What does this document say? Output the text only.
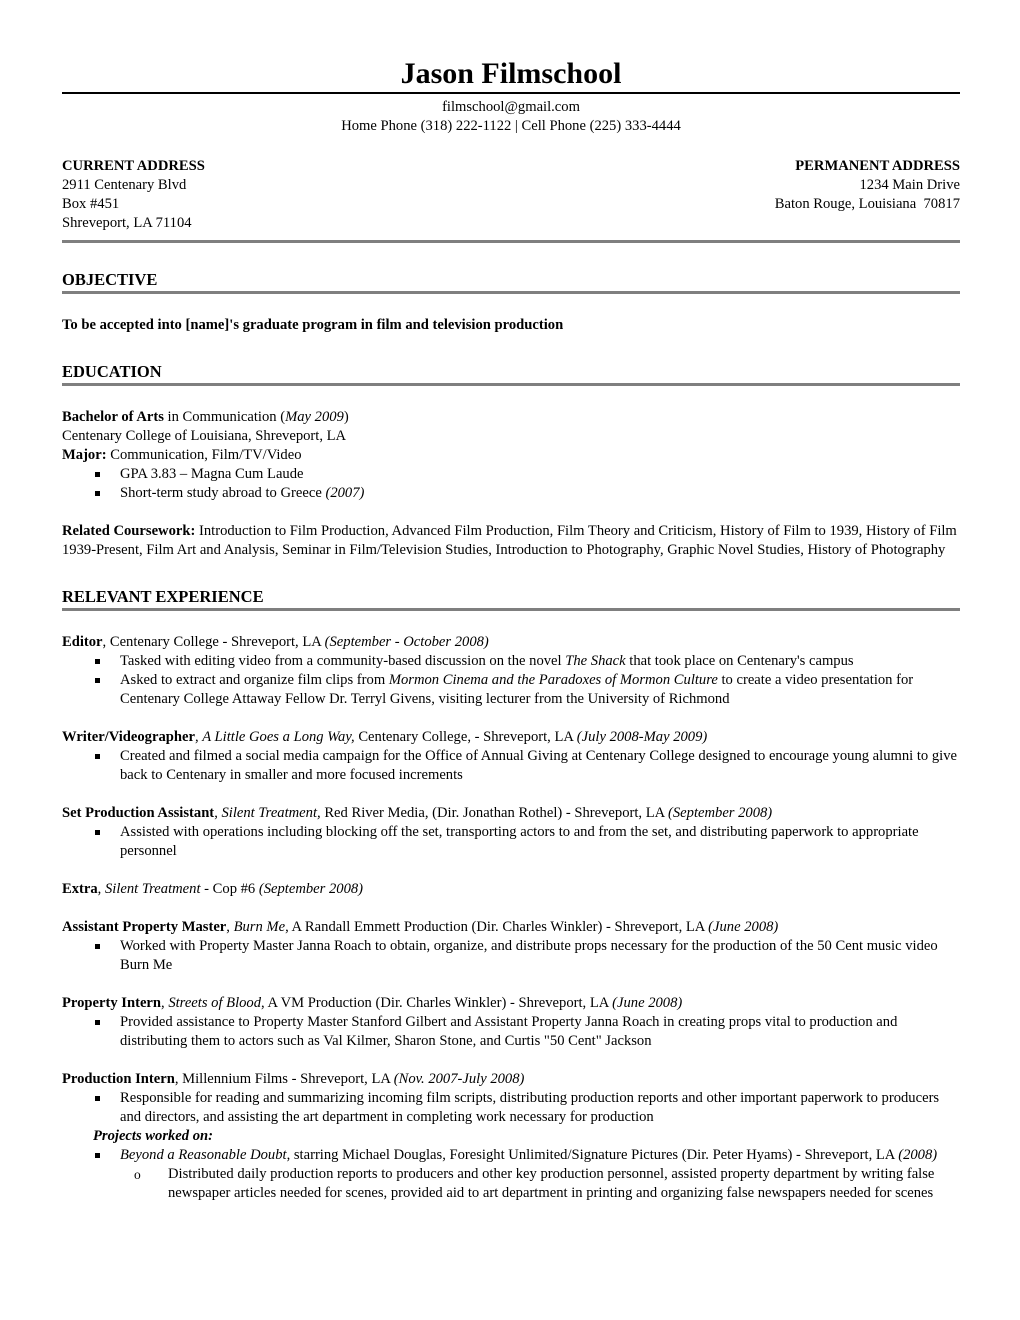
Jason Filmschool
filmschool@gmail.com
Home Phone (318) 222-1122 | Cell Phone (225) 333-4444
CURRENT ADDRESS
2911 Centenary Blvd
Box #451
Shreveport, LA 71104
PERMANENT ADDRESS
1234 Main Drive
Baton Rouge, Louisiana  70817
OBJECTIVE
To be accepted into [name]'s graduate program in film and television production
EDUCATION
Bachelor of Arts in Communication (May 2009)
Centenary College of Louisiana, Shreveport, LA
Major: Communication, Film/TV/Video
GPA 3.83 – Magna Cum Laude
Short-term study abroad to Greece (2007)
Related Coursework: Introduction to Film Production, Advanced Film Production, Film Theory and Criticism, History of Film to 1939, History of Film 1939-Present, Film Art and Analysis, Seminar in Film/Television Studies, Introduction to Photography, Graphic Novel Studies, History of Photography
RELEVANT EXPERIENCE
Editor, Centenary College - Shreveport, LA (September - October 2008)
Tasked with editing video from a community-based discussion on the novel The Shack that took place on Centenary's campus
Asked to extract and organize film clips from Mormon Cinema and the Paradoxes of Mormon Culture to create a video presentation for Centenary College Attaway Fellow Dr. Terryl Givens, visiting lecturer from the University of Richmond
Writer/Videographer, A Little Goes a Long Way, Centenary College, - Shreveport, LA (July 2008-May 2009)
Created and filmed a social media campaign for the Office of Annual Giving at Centenary College designed to encourage young alumni to give back to Centenary in smaller and more focused increments
Set Production Assistant, Silent Treatment, Red River Media, (Dir. Jonathan Rothel) - Shreveport, LA (September 2008)
Assisted with operations including blocking off the set, transporting actors to and from the set, and distributing paperwork to appropriate personnel
Extra, Silent Treatment - Cop #6 (September 2008)
Assistant Property Master, Burn Me, A Randall Emmett Production (Dir. Charles Winkler) - Shreveport, LA (June 2008)
Worked with Property Master Janna Roach to obtain, organize, and distribute props necessary for the production of the 50 Cent music video Burn Me
Property Intern, Streets of Blood, A VM Production (Dir. Charles Winkler) - Shreveport, LA (June 2008)
Provided assistance to Property Master Stanford Gilbert and Assistant Property Janna Roach in creating props vital to production and distributing them to actors such as Val Kilmer, Sharon Stone, and Curtis "50 Cent" Jackson
Production Intern, Millennium Films - Shreveport, LA (Nov. 2007-July 2008)
Responsible for reading and summarizing incoming film scripts, distributing production reports and other important paperwork to producers and directors, and assisting the art department in completing work necessary for production
Projects worked on:
Beyond a Reasonable Doubt, starring Michael Douglas, Foresight Unlimited/Signature Pictures (Dir. Peter Hyams) - Shreveport, LA (2008)
o	Distributed daily production reports to producers and other key production personnel, assisted property department by writing false newspaper articles needed for scenes, provided aid to art department in printing and organizing false newspapers needed for scenes
